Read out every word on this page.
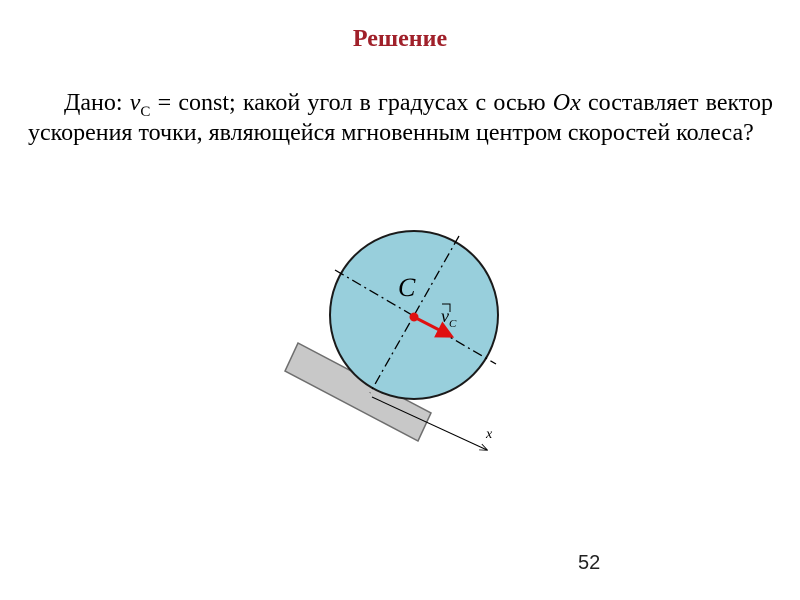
Решение
Дано: $v_C$ = const; какой угол в градусах с осью Ox составляет вектор ускорения точки, являющейся мгновенным центром скоростей колеса?
x
C
$v_C$
52
